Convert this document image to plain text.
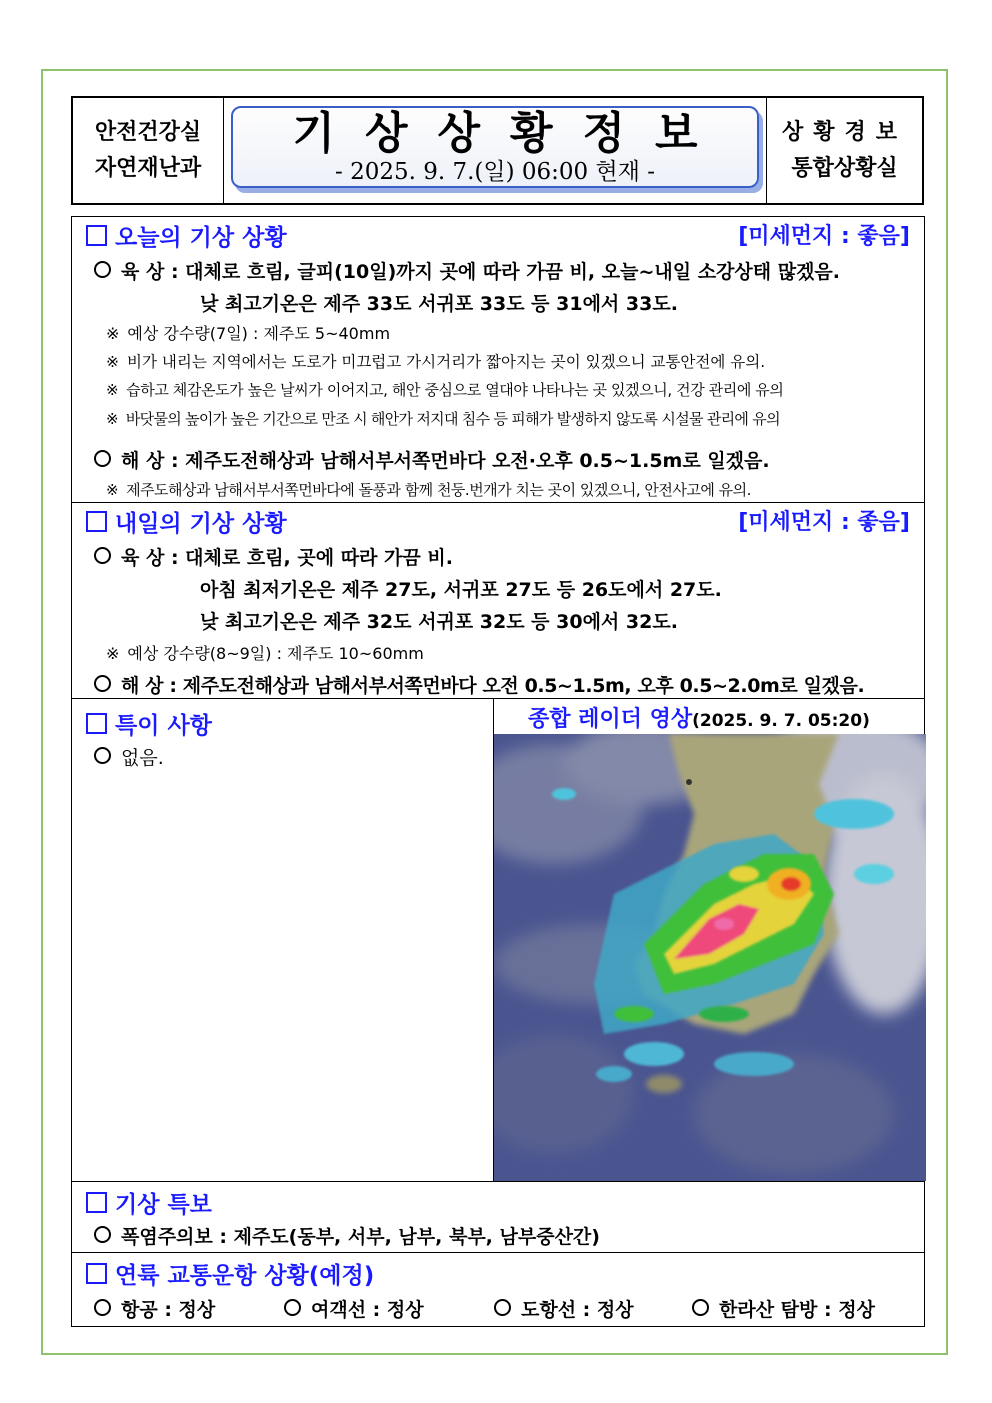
안전건강실
자연재난과
기상상황정보
- 2025. 9. 7.(일) 06:00 현재 -
상황경보
통합상황실
오늘의 기상 상황	[미세먼지 : 좋음]
육 상 : 대체로 흐림, 글피(10일)까지 곳에 따라 가끔 비, 오늘~내일 소강상태 많겠음.
낮 최고기온은 제주 33도 서귀포 33도 등 31에서 33도.
※ 예상 강수량(7일) : 제주도 5~40mm
※ 비가 내리는 지역에서는 도로가 미끄럽고 가시거리가 짧아지는 곳이 있겠으니 교통안전에 유의.
※ 습하고 체감온도가 높은 날씨가 이어지고, 해안 중심으로 열대야 나타나는 곳 있겠으니, 건강 관리에 유의
※ 바닷물의 높이가 높은 기간으로 만조 시 해안가 저지대 침수 등 피해가 발생하지 않도록 시설물 관리에 유의
해 상 : 제주도전해상과 남해서부서쪽먼바다 오전·오후 0.5~1.5m로 일겠음.
※ 제주도해상과 남해서부서쪽먼바다에 돌풍과 함께 천둥.번개가 치는 곳이 있겠으니, 안전사고에 유의.
내일의 기상 상황	[미세먼지 : 좋음]
육 상 : 대체로 흐림, 곳에 따라 가끔 비.
아침 최저기온은 제주 27도, 서귀포 27도 등 26도에서 27도.
낮 최고기온은 제주 32도 서귀포 32도 등 30에서 32도.
※ 예상 강수량(8~9일) : 제주도 10~60mm
해 상 : 제주도전해상과 남해서부서쪽먼바다 오전 0.5~1.5m, 오후 0.5~2.0m로 일겠음.
특이 사항
없음.
종합 레이더 영상(2025. 9. 7. 05:20)
기상 특보
폭염주의보 : 제주도(동부, 서부, 남부, 북부, 남부중산간)
연륙 교통운항 상황(예정)
항공 : 정상	여객선 : 정상	도항선 : 정상	한라산 탐방 : 정상
